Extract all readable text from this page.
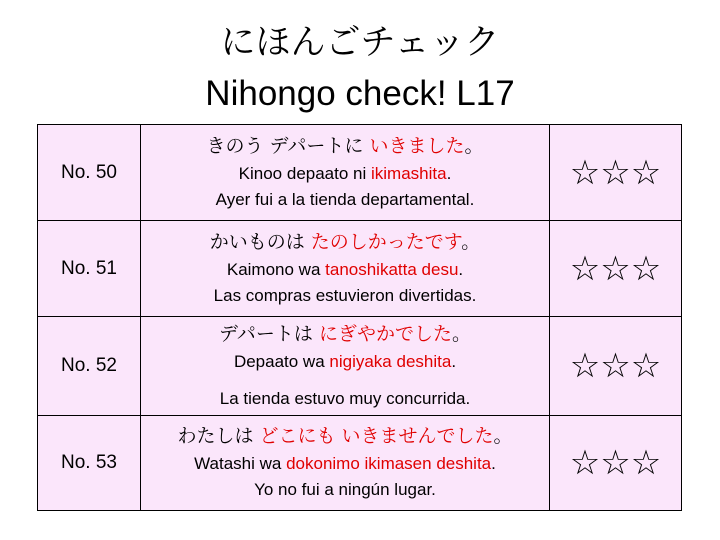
にほんごチェック
Nihongo check! L17
No. 50	きのう デパートに いきました。
Kinoo depaato ni ikimashita.
Ayer fui a la tienda departamental.	☆☆☆
No. 51	かいものは たのしかったです。
Kaimono wa tanoshikatta desu.
Las compras estuvieron divertidas.	☆☆☆
No. 52	デパートは にぎやかでした。
Depaato wa nigiyaka deshita.
La tienda estuvo muy concurrida.	☆☆☆
No. 53	わたしは どこにも いきませんでした。
Watashi wa dokonimo ikimasen deshita.
Yo no fui a ningún lugar.	☆☆☆
